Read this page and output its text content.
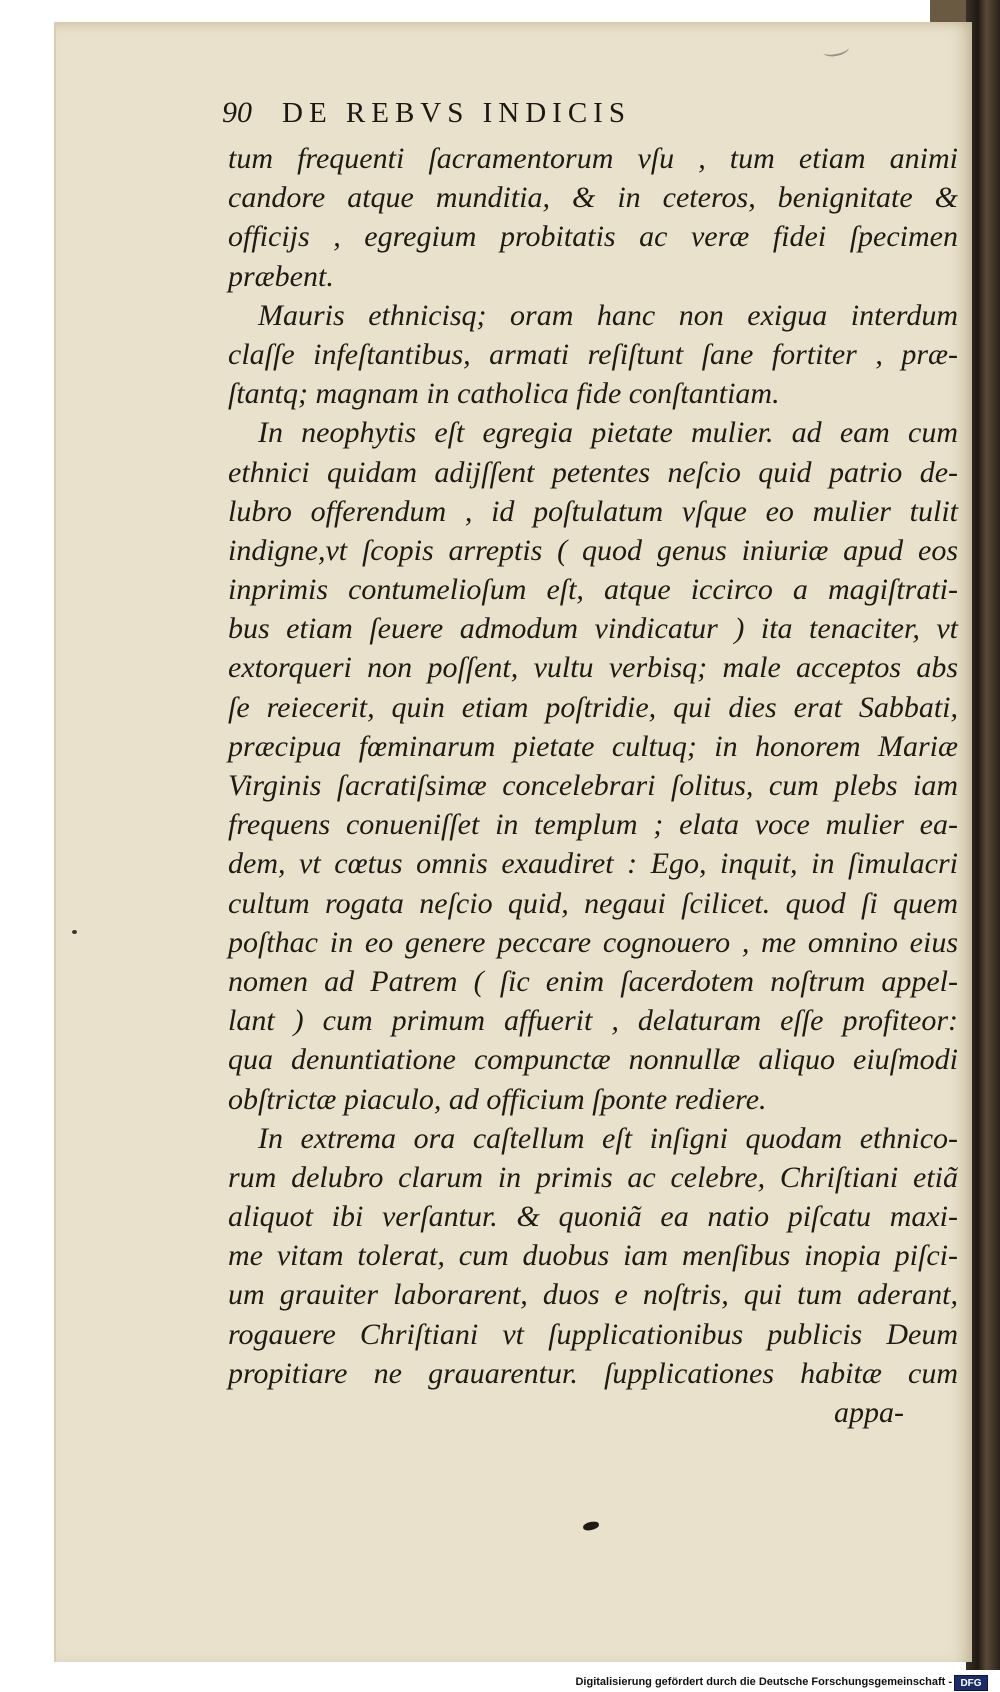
90	DE REBVS INDICIS
tum frequenti ſacramentorum vſu , tum etiam animi
candore atque munditia, & in ceteros, benignitate &
officijs , egregium probitatis ac veræ fidei ſpecimen
præbent.
Mauris ethnicisq; oram hanc non exigua interdum
claſſe infeſtantibus, armati reſiſtunt ſane fortiter , præ-
ſtantq; magnam in catholica fide conſtantiam.
In neophytis eſt egregia pietate mulier. ad eam cum
ethnici quidam adijſſent petentes neſcio quid patrio de-
lubro offerendum , id poſtulatum vſque eo mulier tulit
indigne,vt ſcopis arreptis ( quod genus iniuriæ apud eos
inprimis contumelioſum eſt, atque iccirco a magiſtrati-
bus etiam ſeuere admodum vindicatur ) ita tenaciter, vt
extorqueri non poſſent, vultu verbisq; male acceptos abs
ſe reiecerit, quin etiam poſtridie, qui dies erat Sabbati,
præcipua fœminarum pietate cultuq; in honorem Mariæ
Virginis ſacratiſsimæ concelebrari ſolitus, cum plebs iam
frequens conueniſſet in templum ; elata voce mulier ea-
dem, vt cœtus omnis exaudiret : Ego, inquit, in ſimulacri
cultum rogata neſcio quid, negaui ſcilicet. quod ſi quem
poſthac in eo genere peccare cognouero , me omnino eius
nomen ad Patrem ( ſic enim ſacerdotem noſtrum appel-
lant ) cum primum affuerit , delaturam eſſe profiteor:
qua denuntiatione compunctæ nonnullæ aliquo eiuſmodi
obſtrictæ piaculo, ad officium ſponte rediere.
In extrema ora caſtellum eſt inſigni quodam ethnico-
rum delubro clarum in primis ac celebre, Chriſtiani etiã
aliquot ibi verſantur. & quoniã ea natio piſcatu maxi-
me vitam tolerat, cum duobus iam menſibus inopia piſci-
um grauiter laborarent, duos e noſtris, qui tum aderant,
rogauere Chriſtiani vt ſupplicationibus publicis Deum
propitiare ne grauarentur. ſupplicationes habitæ cum
appa-
Digitalisierung gefördert durch die Deutsche Forschungsgemeinschaft - DFG
